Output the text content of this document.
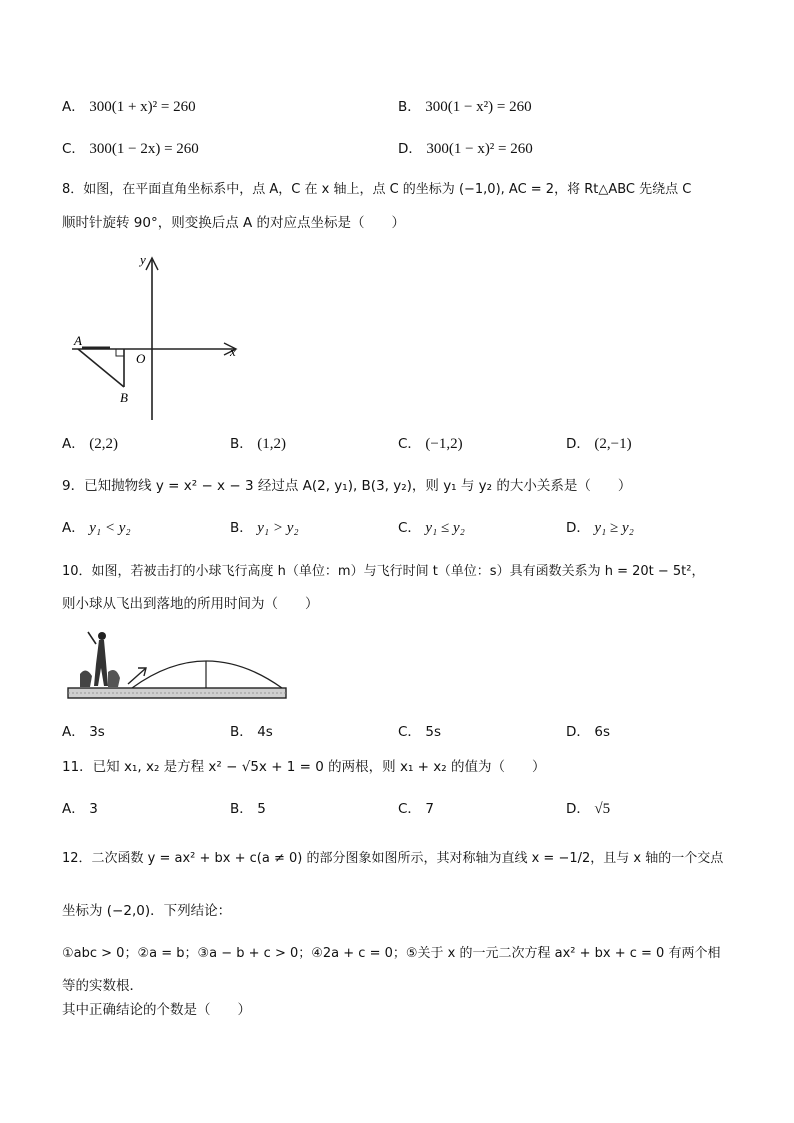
A． 300(1 + x)² = 260	B． 300(1 − x²) = 260
C． 300(1 − 2x) = 260	D． 300(1 − x)² = 260
8．如图，在平面直角坐标系中，点 A，C 在 x 轴上，点 C 的坐标为 (−1,0), AC = 2，将 Rt△ABC 先绕点 C
顺时针旋转 90°，则变换后点 A 的对应点坐标是（　　）
y
x
O
A
B
A． (2,2)	B． (1,2)	C． (−1,2)	D． (2,−1)
9．已知抛物线 y = x² − x − 3 经过点 A(2, y₁), B(3, y₂)，则 y₁ 与 y₂ 的大小关系是（　　）
A． y₁ < y₂	B． y₁ > y₂	C． y₁ ≤ y₂	D． y₁ ≥ y₂
10．如图，若被击打的小球飞行高度 h（单位：m）与飞行时间 t（单位：s）具有函数关系为 h = 20t − 5t²，
则小球从飞出到落地的所用时间为（　　）
A． 3s	B． 4s	C． 5s	D． 6s
11．已知 x₁, x₂ 是方程 x² − √5x + 1 = 0 的两根，则 x₁ + x₂ 的值为（　　）
A． 3	B． 5	C． 7	D． √5
12．二次函数 y = ax² + bx + c(a ≠ 0) 的部分图象如图所示，其对称轴为直线 x = −1/2，且与 x 轴的一个交点
坐标为 (−2,0)．下列结论：
①abc > 0；②a = b；③a − b + c > 0；④2a + c = 0；⑤关于 x 的一元二次方程 ax² + bx + c = 0 有两个相
等的实数根．
其中正确结论的个数是（　　）
